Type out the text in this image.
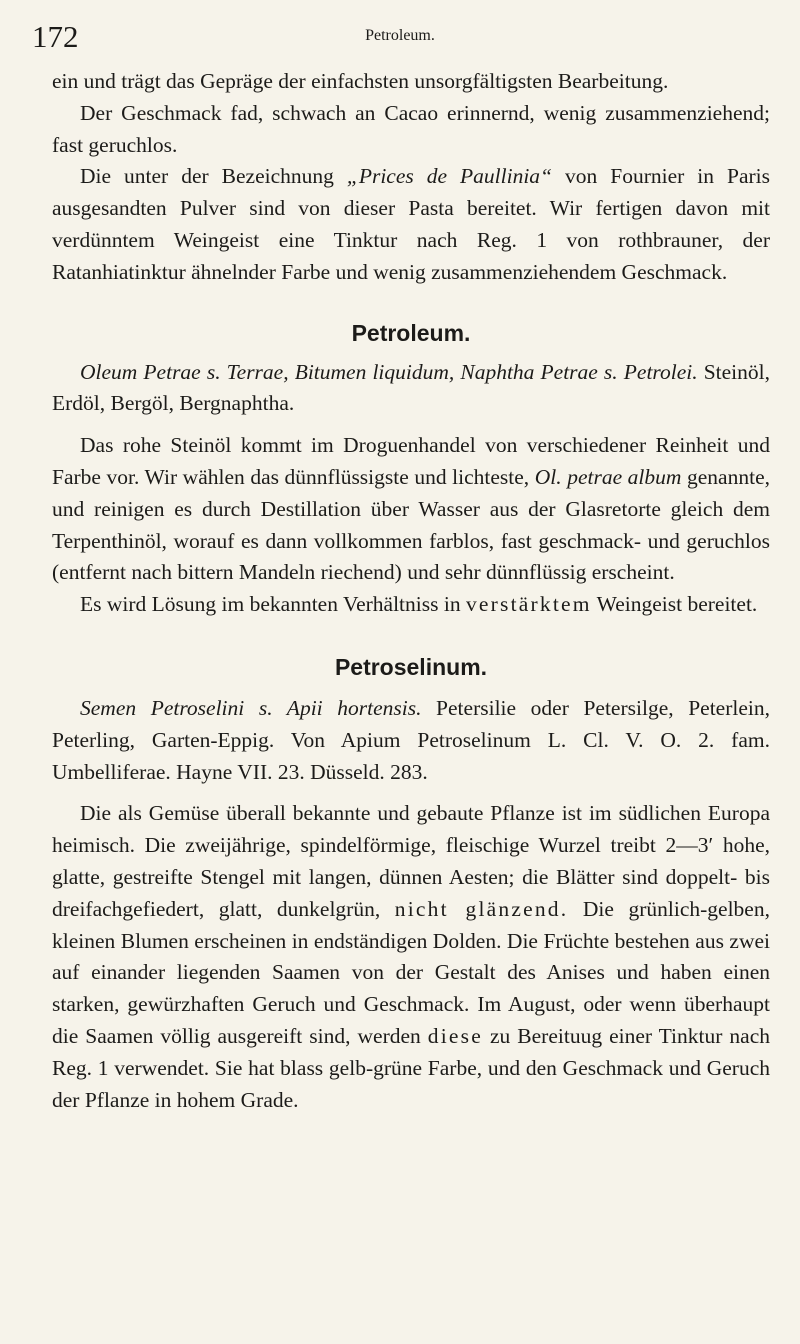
172	Petroleum.

ein und trägt das Gepräge der einfachsten unsorgfältigsten Bearbeitung.

Der Geschmack fad, schwach an Cacao erinnernd, wenig zusammenziehend; fast geruchlos.

Die unter der Bezeichnung „Prices de Paullinia“ von Fournier in Paris ausgesandten Pulver sind von dieser Pasta bereitet. Wir fertigen davon mit verdünntem Weingeist eine Tinktur nach Reg. 1 von rothbrauner, der Ratanhiatinktur ähnelnder Farbe und wenig zusammenziehendem Geschmack.

Petroleum.

Oleum Petrae s. Terrae, Bitumen liquidum, Naphtha Petrae s. Petrolei. Steinöl, Erdöl, Bergöl, Bergnaphtha.

Das rohe Steinöl kommt im Droguenhandel von verschiedener Reinheit und Farbe vor. Wir wählen das dünnflüssigste und lichteste, Ol. petrae album genannte, und reinigen es durch Destillation über Wasser aus der Glasretorte gleich dem Terpenthinöl, worauf es dann vollkommen farblos, fast geschmack- und geruchlos (entfernt nach bittern Mandeln riechend) und sehr dünnflüssig erscheint.

Es wird Lösung im bekannten Verhältniss in verstärktem Weingeist bereitet.

Petroselinum.

Semen Petroselini s. Apii hortensis. Petersilie oder Petersilge, Peterlein, Peterling, Garten-Eppig. Von Apium Petroselinum L. Cl. V. O. 2. fam. Umbelliferae. Hayne VII. 23. Düsseld. 283.

Die als Gemüse überall bekannte und gebaute Pflanze ist im südlichen Europa heimisch. Die zweijährige, spindelförmige, fleischige Wurzel treibt 2—3′ hohe, glatte, gestreifte Stengel mit langen, dünnen Aesten; die Blätter sind doppelt- bis dreifachgefiedert, glatt, dunkelgrün, nicht glänzend. Die grünlich-gelben, kleinen Blumen erscheinen in endständigen Dolden. Die Früchte bestehen aus zwei auf einander liegenden Saamen von der Gestalt des Anises und haben einen starken, gewürzhaften Geruch und Geschmack. Im August, oder wenn überhaupt die Saamen völlig ausgereift sind, werden diese zu Bereituug einer Tinktur nach Reg. 1 verwendet. Sie hat blass gelb-grüne Farbe, und den Geschmack und Geruch der Pflanze in hohem Grade.
